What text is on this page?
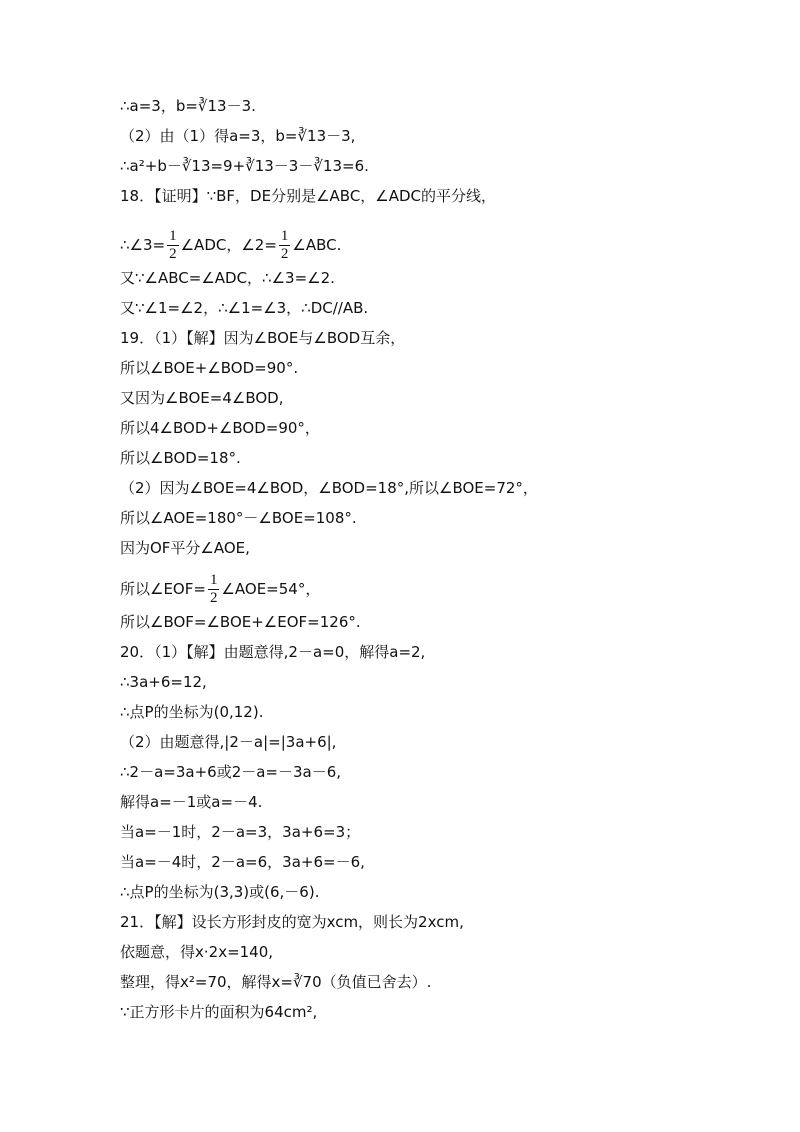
∴a=3，b=∛13－3.
（2）由（1）得a=3，b=∛13－3,
∴a²+b－∛13=9+∛13－3－∛13=6.
18．【证明】∵BF，DE分别是∠ABC，∠ADC的平分线，
∴∠3= $\frac{1}{2}$ ∠ADC，∠2= $\frac{1}{2}$ ∠ABC.
又∵∠ABC=∠ADC，∴∠3=∠2.
又∵∠1=∠2，∴∠1=∠3，∴DC//AB.
19．（1）【解】因为∠BOE与∠BOD互余，
所以∠BOE+∠BOD=90°.
又因为∠BOE=4∠BOD,
所以4∠BOD+∠BOD=90°，
所以∠BOD=18°.
（2）因为∠BOE=4∠BOD，∠BOD=18°,所以∠BOE=72°，
所以∠AOE=180°－∠BOE=108°.
因为OF平分∠AOE,
所以∠EOF= $\frac{1}{2}$ ∠AOE=54°，
所以∠BOF=∠BOE+∠EOF=126°.
20．（1）【解】由题意得,2－a=0，解得a=2,
∴3a+6=12,
∴点P的坐标为(0,12).
（2）由题意得,|2－a|=|3a+6|,
∴2－a=3a+6或2－a=－3a－6,
解得a=－1或a=－4.
当a=－1时，2－a=3，3a+6=3；
当a=－4时，2－a=6，3a+6=－6,
∴点P的坐标为(3,3)或(6,－6).
21．【解】设长方形封皮的宽为xcm，则长为2xcm,
依题意，得x·2x=140,
整理，得x²=70，解得x=∛70（负值已舍去）.
∵正方形卡片的面积为64cm²,
